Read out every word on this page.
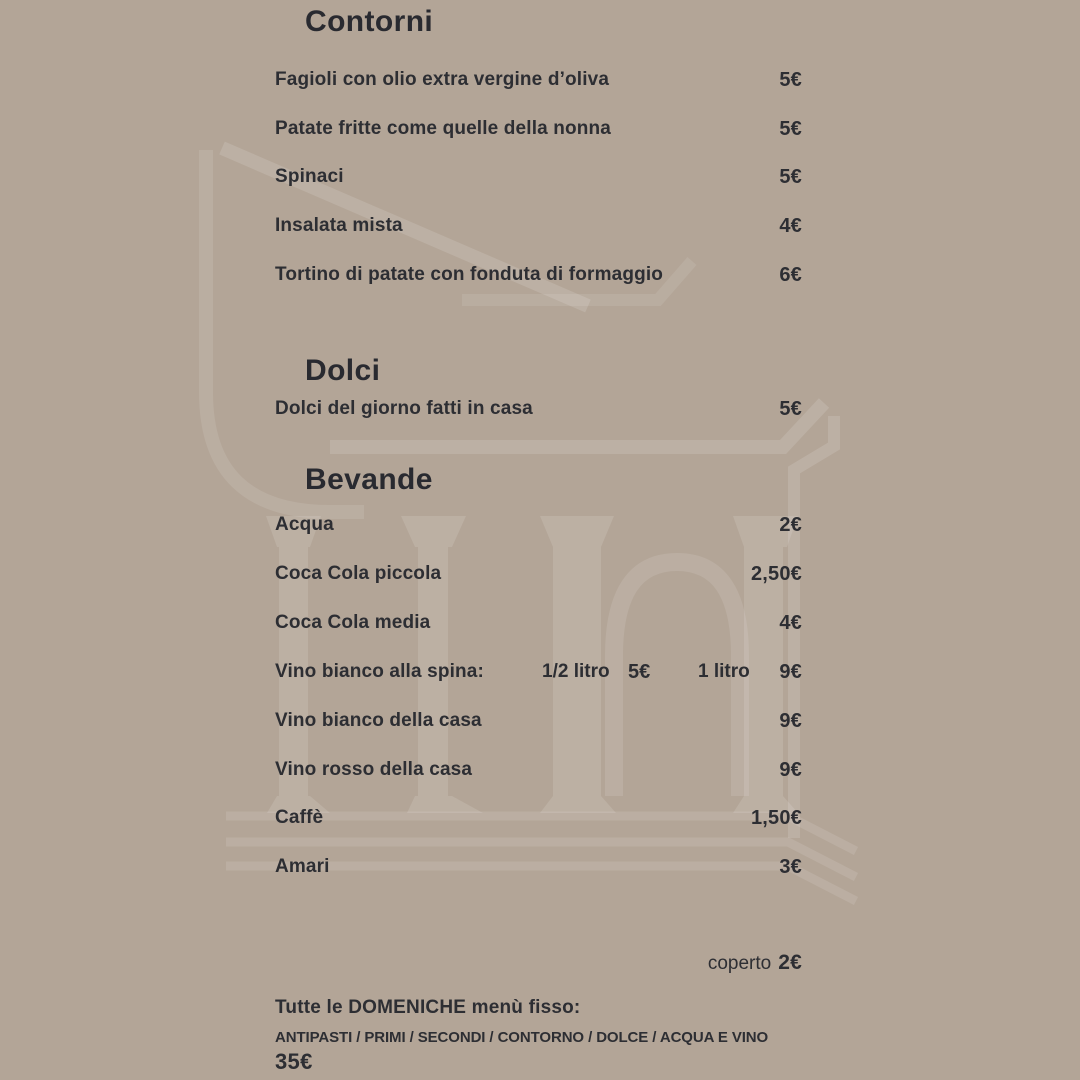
Contorni
Fagioli con olio extra vergine d’oliva	5€
Patate fritte come quelle della nonna	5€
Spinaci	5€
Insalata mista	4€
Tortino di patate con fonduta di formaggio	6€
Dolci
Dolci del giorno fatti in casa	5€
Bevande
Acqua	2€
Coca Cola piccola	2,50€
Coca Cola media	4€
Vino bianco alla spina:	1/2 litro 5€	1 litro 9€
Vino bianco della casa	9€
Vino rosso della casa	9€
Caffè	1,50€
Amari	3€
coperto 2€
Tutte le DOMENICHE menù fisso:
ANTIPASTI / PRIMI / SECONDI / CONTORNO / DOLCE / ACQUA E VINO
35€
